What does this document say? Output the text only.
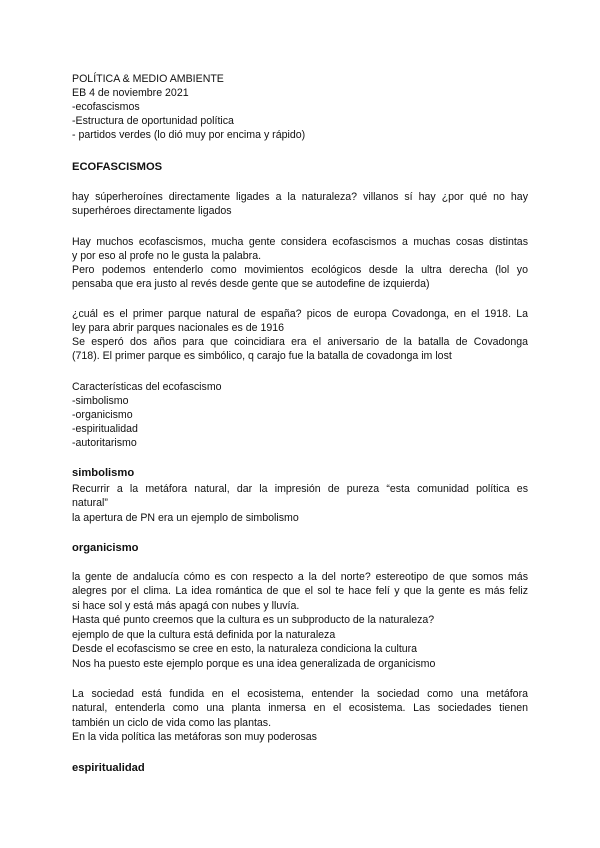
POLÍTICA & MEDIO AMBIENTE
EB 4 de noviembre 2021
-ecofascismos
-Estructura de oportunidad política
- partidos verdes (lo dió muy por encima y rápido)
ECOFASCISMOS
hay súperheroínes directamente ligades a la naturaleza? villanos sí hay ¿por qué no hay
superhéroes directamente ligados
Hay muchos ecofascismos, mucha gente considera ecofascismos a muchas cosas distintas
y por eso al profe no le gusta la palabra.
Pero podemos entenderlo como movimientos ecológicos desde la ultra derecha (lol yo
pensaba que era justo al revés desde gente que se autodefine de izquierda)
¿cuál es el primer parque natural de españa? picos de europa Covadonga, en el 1918. La
ley para abrir parques nacionales es de 1916
Se esperó dos años para que coincidiara era el aniversario de la batalla de Covadonga
(718). El primer parque es simbólico, q carajo fue la batalla de covadonga im lost
Características del ecofascismo
-simbolismo
-organicismo
-espiritualidad
-autoritarismo
simbolismo
Recurrir a la metáfora natural, dar la impresión de pureza “esta comunidad política es
natural”
la apertura de PN era un ejemplo de simbolismo
organicismo
la gente de andalucía cómo es con respecto a la del norte? estereotipo de que somos más
alegres por el clima. La idea romántica de que el sol te hace felí y que la gente es más feliz
si hace sol y está más apagá con nubes y lluvía.
Hasta qué punto creemos que la cultura es un subproducto de la naturaleza?
ejemplo de que la cultura está definida por la naturaleza
Desde el ecofascismo se cree en esto, la naturaleza condiciona la cultura
Nos ha puesto este ejemplo porque es una idea generalizada de organicismo
La sociedad está fundida en el ecosistema, entender la sociedad como una metáfora
natural, entenderla como una planta inmersa en el ecosistema. Las sociedades tienen
también un ciclo de vida como las plantas.
En la vida política las metáforas son muy poderosas
espiritualidad
